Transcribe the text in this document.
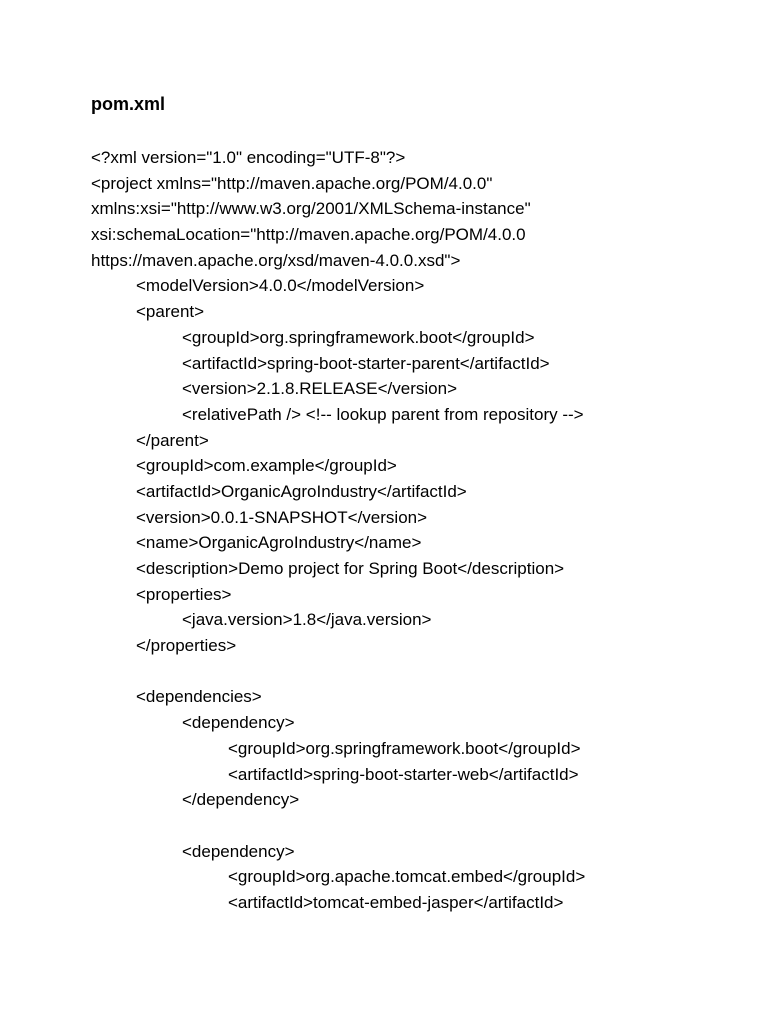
pom.xml
<?xml version="1.0" encoding="UTF-8"?>
<project xmlns="http://maven.apache.org/POM/4.0.0"
xmlns:xsi="http://www.w3.org/2001/XMLSchema-instance"
xsi:schemaLocation="http://maven.apache.org/POM/4.0.0
https://maven.apache.org/xsd/maven-4.0.0.xsd">
<modelVersion>4.0.0</modelVersion>
<parent>
<groupId>org.springframework.boot</groupId>
<artifactId>spring-boot-starter-parent</artifactId>
<version>2.1.8.RELEASE</version>
<relativePath /> <!-- lookup parent from repository -->
</parent>
<groupId>com.example</groupId>
<artifactId>OrganicAgroIndustry</artifactId>
<version>0.0.1-SNAPSHOT</version>
<name>OrganicAgroIndustry</name>
<description>Demo project for Spring Boot</description>
<properties>
<java.version>1.8</java.version>
</properties>
<dependencies>
<dependency>
<groupId>org.springframework.boot</groupId>
<artifactId>spring-boot-starter-web</artifactId>
</dependency>
<dependency>
<groupId>org.apache.tomcat.embed</groupId>
<artifactId>tomcat-embed-jasper</artifactId>
